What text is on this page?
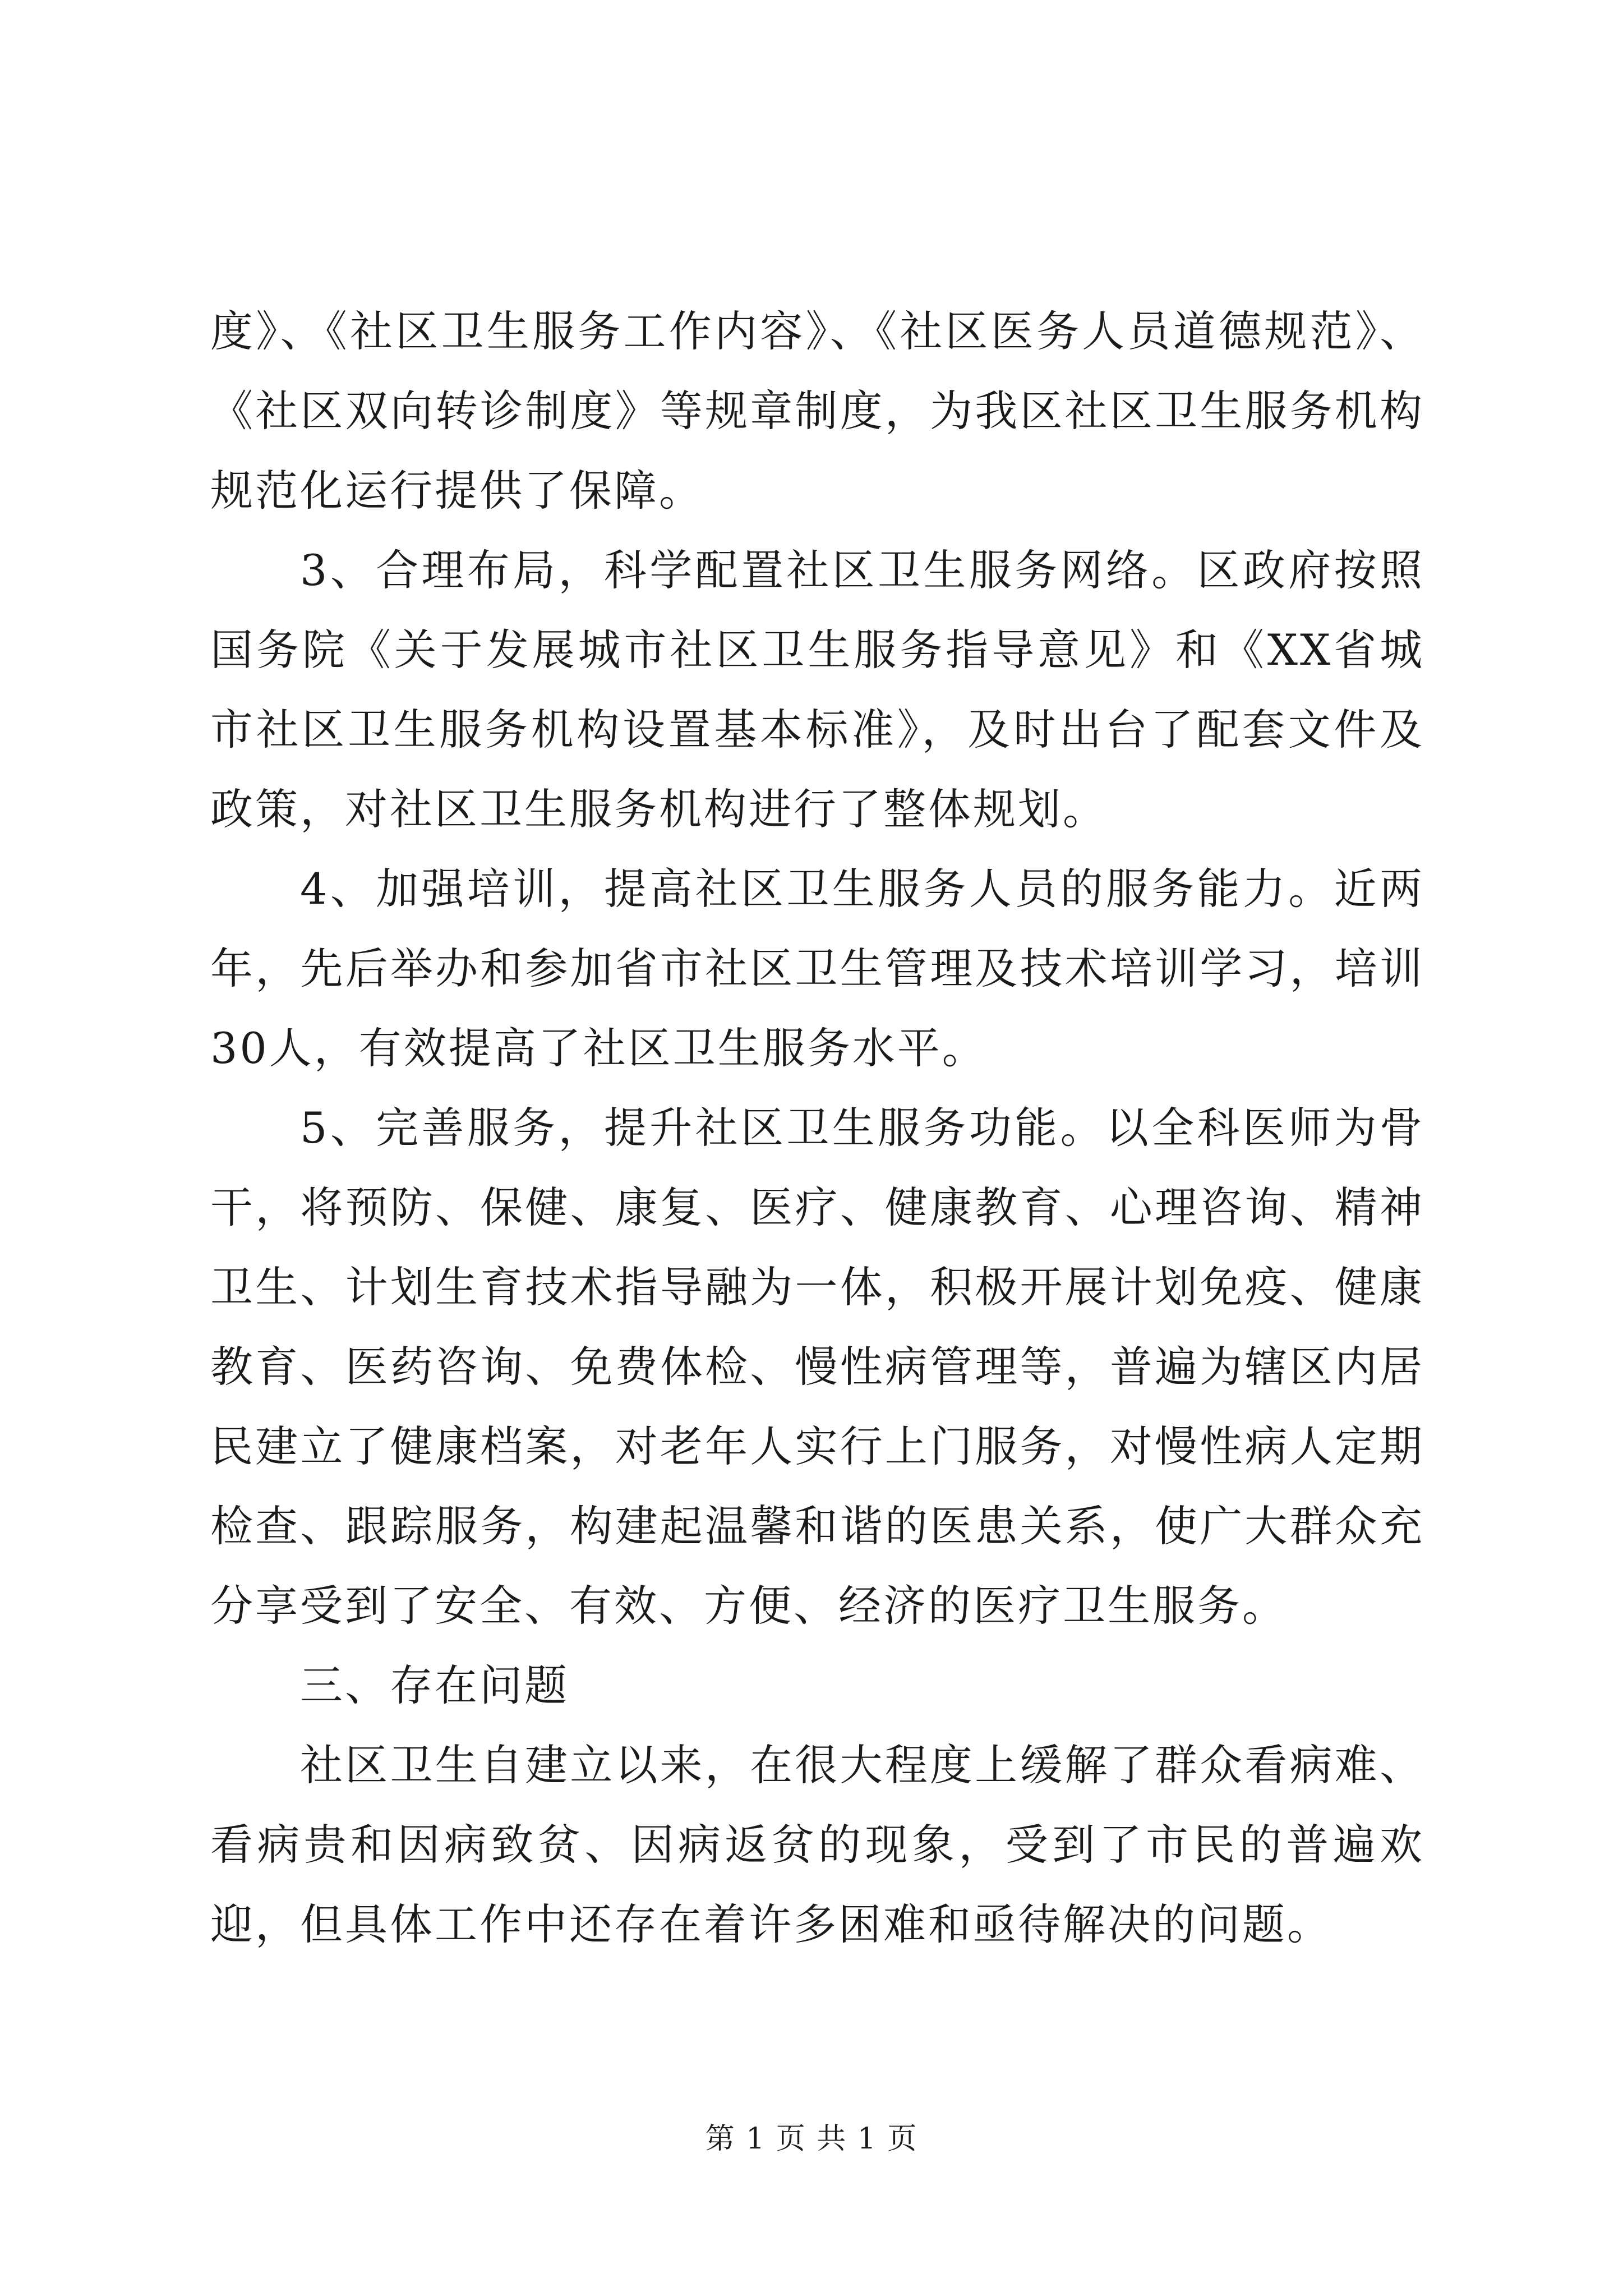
度》、《社区卫生服务工作内容》、《社区医务人员道德规范》、《社区双向转诊制度》等规章制度，为我区社区卫生服务机构规范化运行提供了保障。

3、合理布局，科学配置社区卫生服务网络。区政府按照国务院《关于发展城市社区卫生服务指导意见》和《XX省城市社区卫生服务机构设置基本标准》，及时出台了配套文件及政策，对社区卫生服务机构进行了整体规划。

4、加强培训，提高社区卫生服务人员的服务能力。近两年，先后举办和参加省市社区卫生管理及技术培训学习，培训30人，有效提高了社区卫生服务水平。

5、完善服务，提升社区卫生服务功能。以全科医师为骨干，将预防、保健、康复、医疗、健康教育、心理咨询、精神卫生、计划生育技术指导融为一体，积极开展计划免疫、健康教育、医药咨询、免费体检、慢性病管理等，普遍为辖区内居民建立了健康档案，对老年人实行上门服务，对慢性病人定期检查、跟踪服务，构建起温馨和谐的医患关系，使广大群众充分享受到了安全、有效、方便、经济的医疗卫生服务。

三、存在问题

社区卫生自建立以来，在很大程度上缓解了群众看病难、看病贵和因病致贫、因病返贫的现象，受到了市民的普遍欢迎，但具体工作中还存在着许多困难和亟待解决的问题。

第 1 页 共 1 页
